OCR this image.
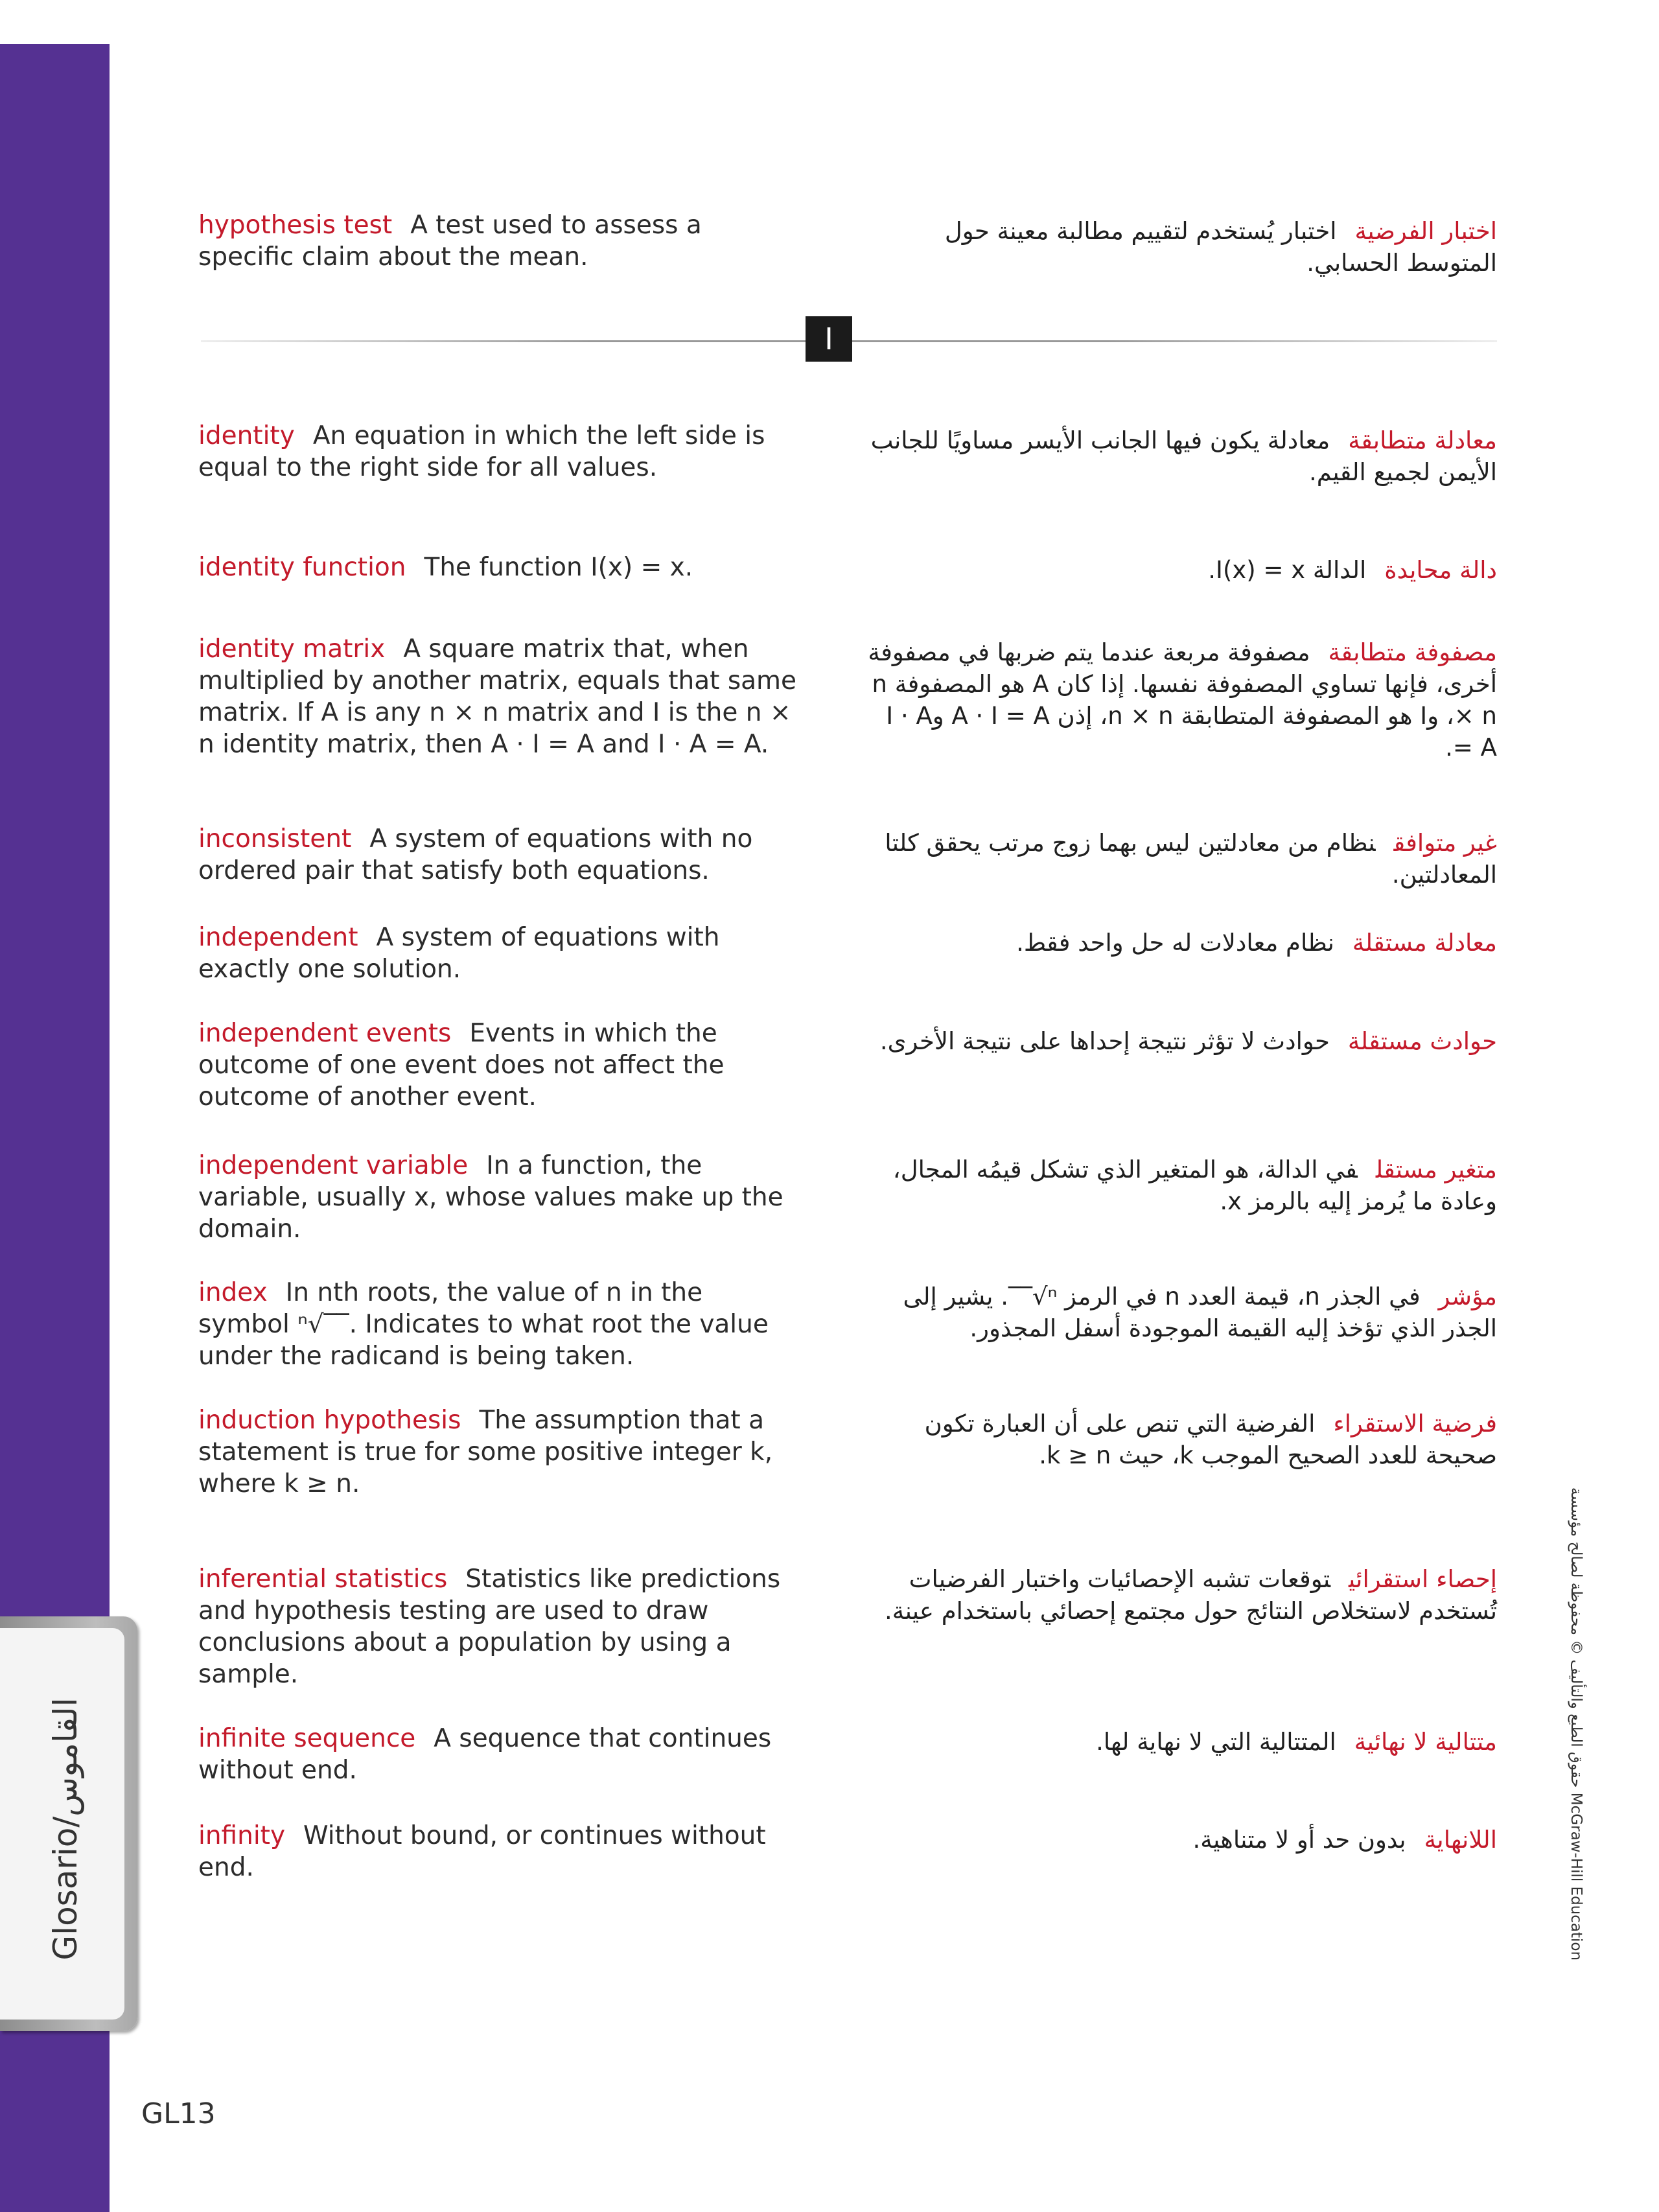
Glosario/القاموس
GL13
حقوق الطبع والتأليف © محفوظة لصالح مؤسسة McGraw-Hill Education
I
hypothesis test A test used to assess a specific claim about the mean.
اختبار الفرضيةاختبار يُستخدم لتقييم مطالبة معينة حول المتوسط الحسابي.
identity An equation in which the left side is equal to the right side for all values.
معادلة متطابقةمعادلة يكون فيها الجانب الأيسر مساويًا للجانب الأيمن لجميع القيم.
identity function The function I(x) = x.	دالة محايدةالدالة I(x) = x.
identity matrix A square matrix that, when multiplied by another matrix, equals that same matrix. If A is any n × n matrix and I is the n × n identity matrix, then A · I = A and I · A = A.
مصفوفة متطابقةمصفوفة مربعة عندما يتم ضربها في مصفوفة أخرى، فإنها تساوي المصفوفة نفسها. إذا كان A هو المصفوفة n × n، وI هو المصفوفة المتطابقة n × n، إذن A · I = A وI · A = A.
inconsistent A system of equations with no ordered pair that satisfy both equations.
غير متوافقنظام من معادلتين ليس بهما زوج مرتب يحقق كلتا المعادلتين.
independent A system of equations with exactly one solution.
معادلة مستقلةنظام معادلات له حل واحد فقط.
independent events Events in which the outcome of one event does not affect the outcome of another event.
حوادث مستقلةحوادث لا تؤثر نتيجة إحداها على نتيجة الأخرى.
independent variable In a function, the variable, usually x, whose values make up the domain.
متغير مستقلفي الدالة، هو المتغير الذي تشكل قيمُه المجال، وعادة ما يُرمز إليه بالرمز x.
index In nth roots, the value of n in the symbol ⁿ√‾‾. Indicates to what root the value under the radicand is being taken.
مؤشرفي الجذر n، قيمة العدد n في الرمز ⁿ√‾‾. يشير إلى الجذر الذي تؤخذ إليه القيمة الموجودة أسفل المجذور.
induction hypothesis The assumption that a statement is true for some positive integer k, where k ≥ n.
فرضية الاستقراءالفرضية التي تنص على أن العبارة تكون صحيحة للعدد الصحيح الموجب k، حيث k ≥ n.
inferential statistics Statistics like predictions and hypothesis testing are used to draw conclusions about a population by using a sample.
إحصاء استقرائيتوقعات تشبه الإحصائيات واختبار الفرضيات تُستخدم لاستخلاص النتائج حول مجتمع إحصائي باستخدام عينة.
infinite sequence A sequence that continues without end.
متتالية لا نهائيةالمتتالية التي لا نهاية لها.
infinity Without bound, or continues without end.
اللانهايةبدون حد أو لا متناهية.
